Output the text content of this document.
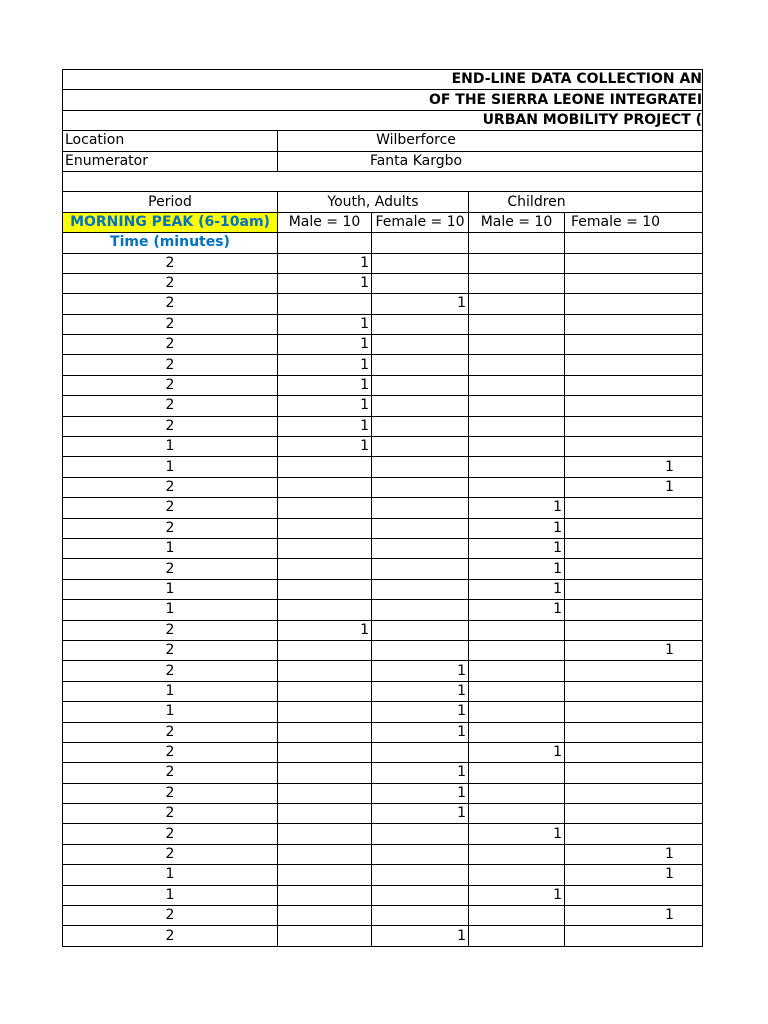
END-LINE DATA COLLECTION AN				
OF THE SIERRA LEONE INTEGRATEI				
URBAN MOBILITY PROJECT (				
Location	Wilberforce			
Enumerator	Fanta Kargbo			

Period	Youth, Adults		Children	
MORNING PEAK (6-10am)	Male = 10	Female = 10	Male = 10	Female = 10
Time (minutes)				
2	1			
2	1			
2		1		
2	1			
2	1			
2	1			
2	1			
2	1			
2	1			
1	1			
1				1
2				1
2			1	
2			1	
1			1	
2			1	
1			1	
1			1	
2	1			
2				1
2		1		
1		1		
1		1		
2		1		
2			1	
2		1		
2		1		
2		1		
2			1	
2				1
1				1
1			1	
2				1
2		1		
